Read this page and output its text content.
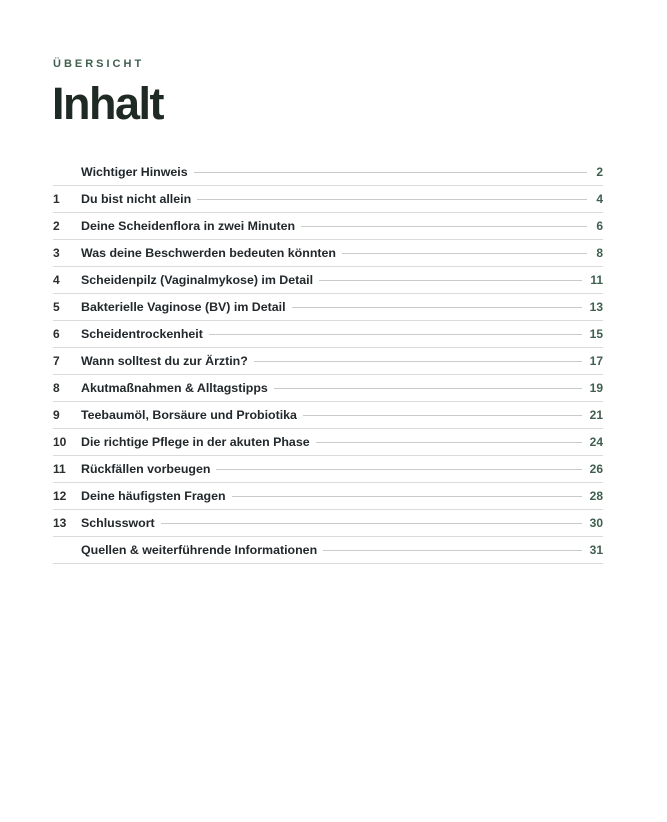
ÜBERSICHT
Inhalt
Wichtiger Hinweis	2
1	Du bist nicht allein	4
2	Deine Scheidenflora in zwei Minuten	6
3	Was deine Beschwerden bedeuten könnten	8
4	Scheidenpilz (Vaginalmykose) im Detail	11
5	Bakterielle Vaginose (BV) im Detail	13
6	Scheidentrockenheit	15
7	Wann solltest du zur Ärztin?	17
8	Akutmaßnahmen & Alltagstipps	19
9	Teebaumöl, Borsäure und Probiotika	21
10	Die richtige Pflege in der akuten Phase	24
11	Rückfällen vorbeugen	26
12	Deine häufigsten Fragen	28
13	Schlusswort	30
Quellen & weiterführende Informationen	31
